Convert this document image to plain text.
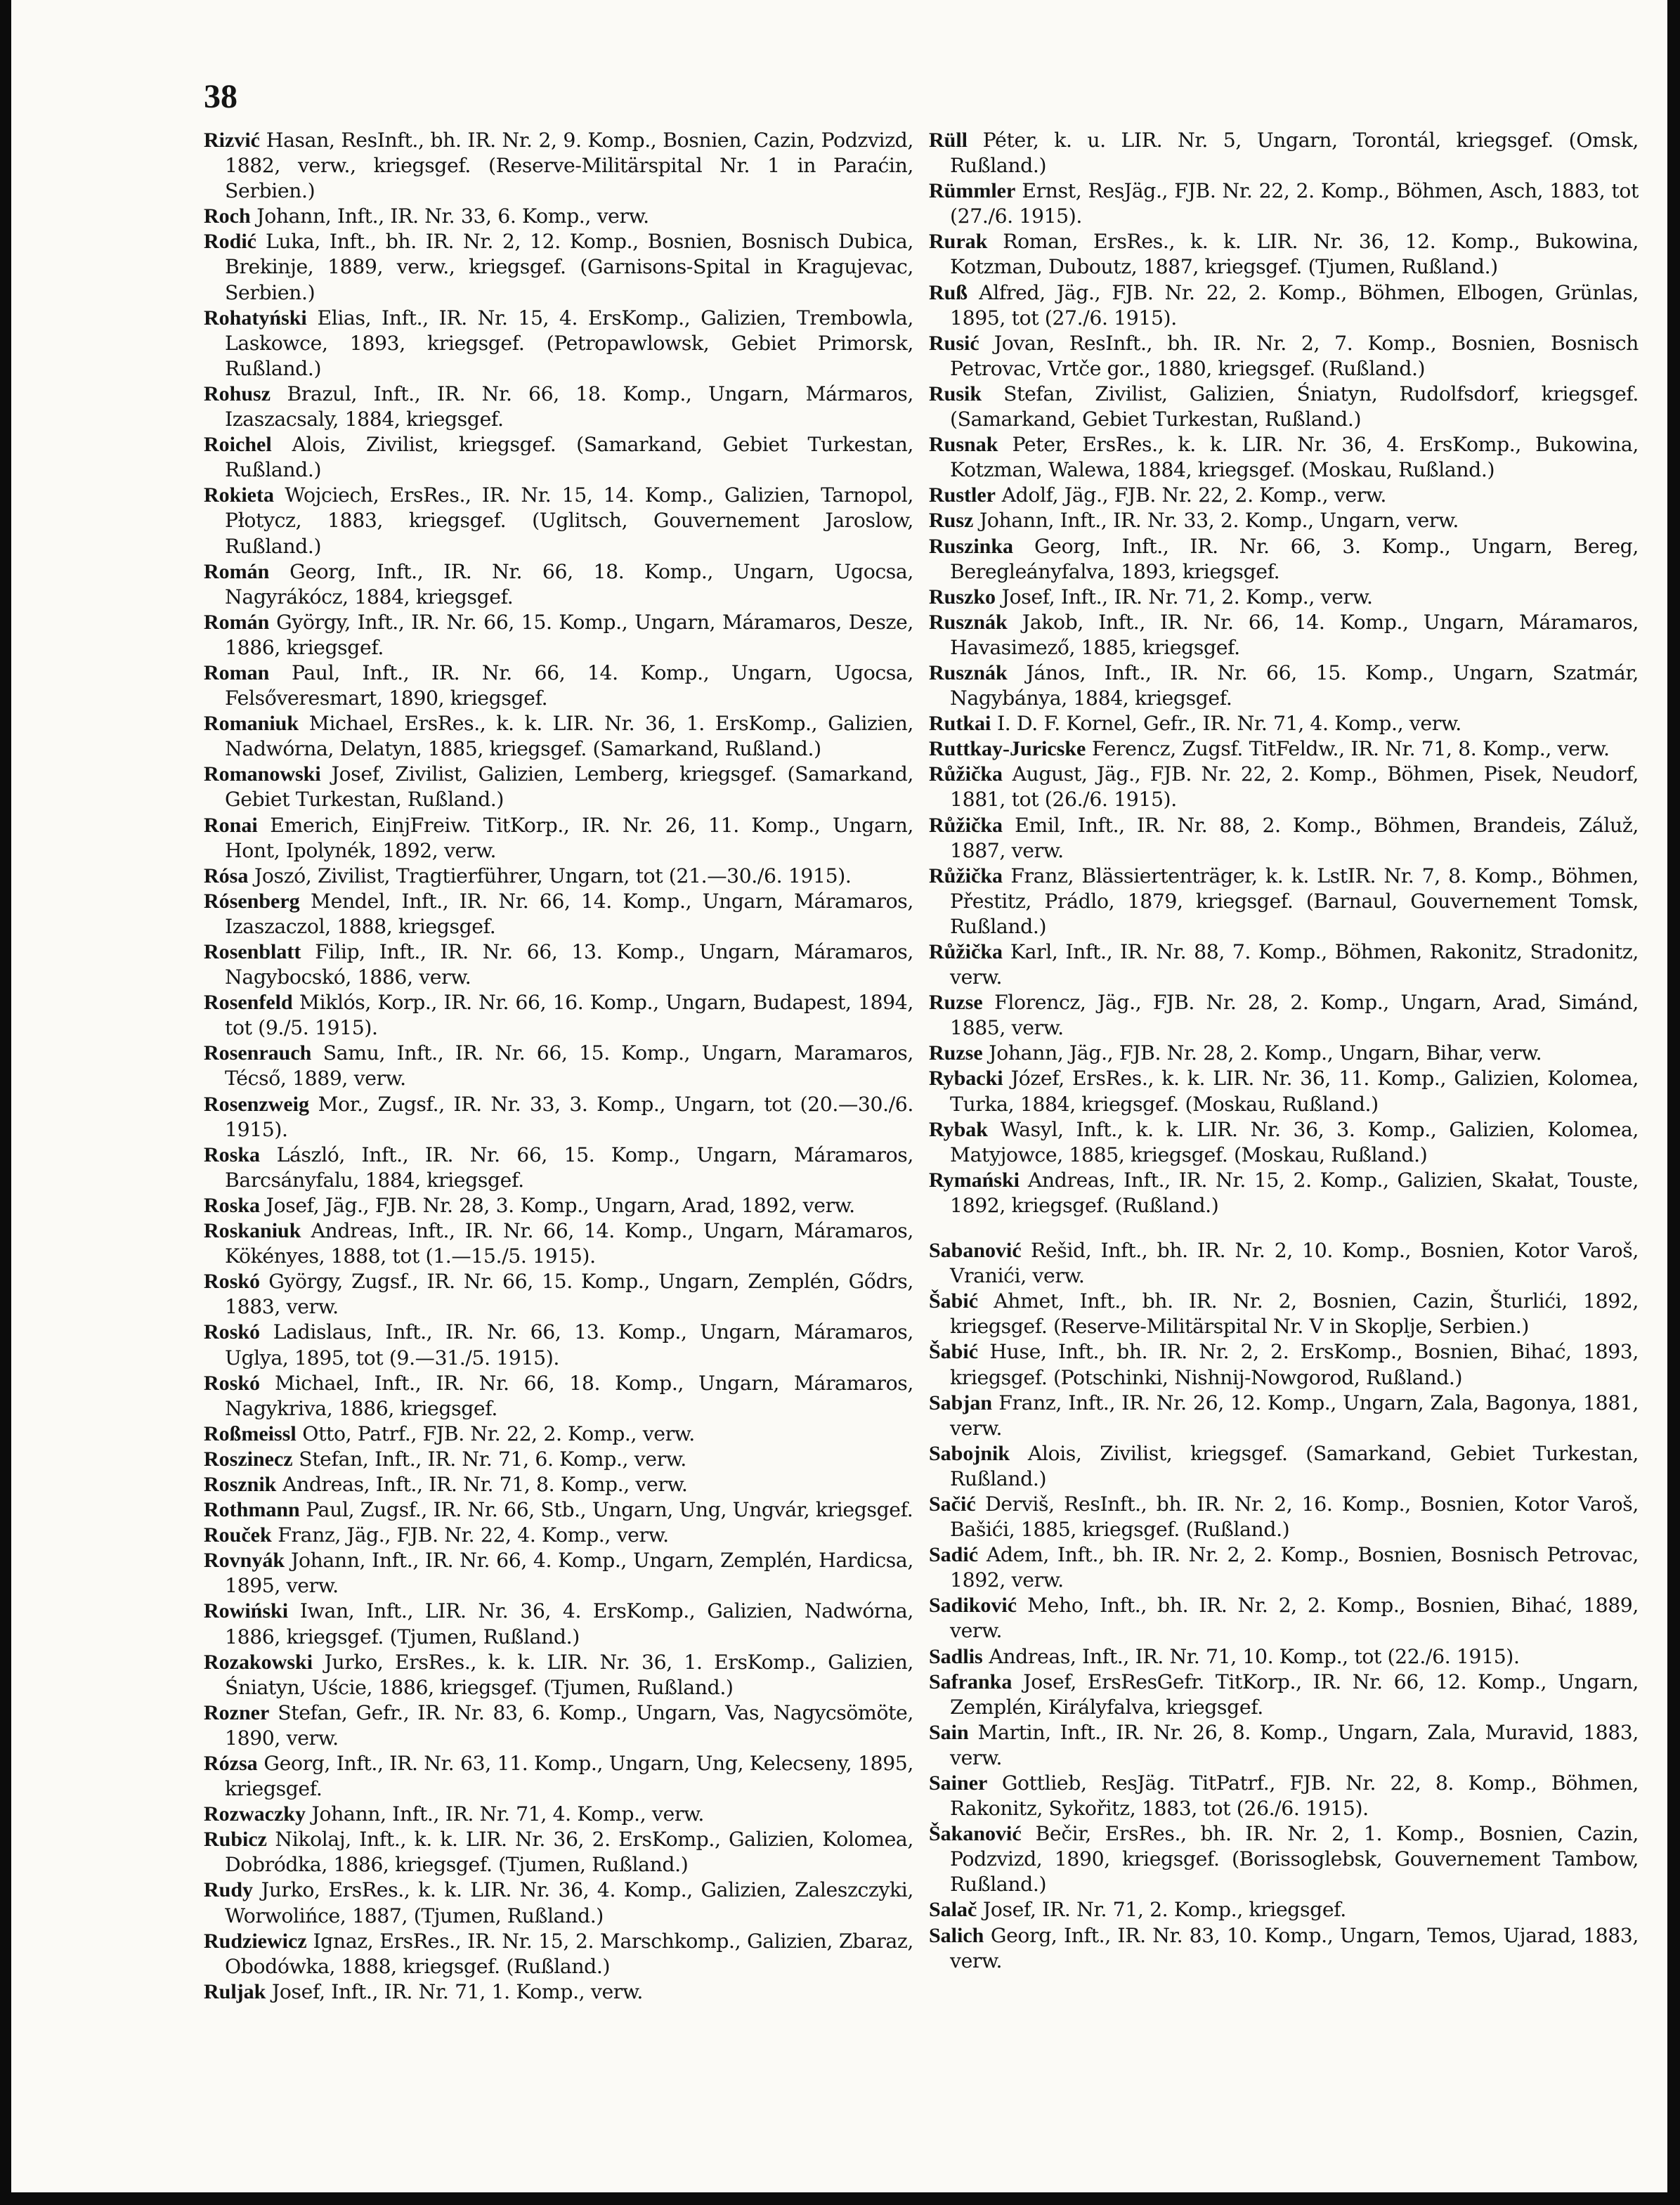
38

Rizvić Hasan, ResInft., bh. IR. Nr. 2, 9. Komp., Bosnien, Cazin, Podzvizd, 1882, verw., kriegsgef. (Reserve-Militärspital Nr. 1 in Paraćin, Serbien.)

Roch Johann, Inft., IR. Nr. 33, 6. Komp., verw.

Rodić Luka, Inft., bh. IR. Nr. 2, 12. Komp., Bosnien, Bosnisch Dubica, Brekinje, 1889, verw., kriegsgef. (Garnisons-Spital in Kragujevac, Serbien.)

Rohatyński Elias, Inft., IR. Nr. 15, 4. ErsKomp., Galizien, Trembowla, Laskowce, 1893, kriegsgef. (Petropawlowsk, Gebiet Primorsk, Rußland.)

Rohusz Brazul, Inft., IR. Nr. 66, 18. Komp., Ungarn, Mármaros, Izaszacsaly, 1884, kriegsgef.

Roichel Alois, Zivilist, kriegsgef. (Samarkand, Gebiet Turkestan, Rußland.)

Rokieta Wojciech, ErsRes., IR. Nr. 15, 14. Komp., Galizien, Tarnopol, Płotycz, 1883, kriegsgef. (Uglitsch, Gouvernement Jaroslow, Rußland.)

Román Georg, Inft., IR. Nr. 66, 18. Komp., Ungarn, Ugocsa, Nagyrákócz, 1884, kriegsgef.

Román György, Inft., IR. Nr. 66, 15. Komp., Ungarn, Máramaros, Desze, 1886, kriegsgef.

Roman Paul, Inft., IR. Nr. 66, 14. Komp., Ungarn, Ugocsa, Felsőveresmart, 1890, kriegsgef.

Romaniuk Michael, ErsRes., k. k. LIR. Nr. 36, 1. ErsKomp., Galizien, Nadwórna, Delatyn, 1885, kriegsgef. (Samarkand, Rußland.)

Romanowski Josef, Zivilist, Galizien, Lemberg, kriegsgef. (Samarkand, Gebiet Turkestan, Rußland.)

Ronai Emerich, EinjFreiw. TitKorp., IR. Nr. 26, 11. Komp., Ungarn, Hont, Ipolynék, 1892, verw.

Rósa Joszó, Zivilist, Tragtierführer, Ungarn, tot (21.—30./6. 1915).

Rósenberg Mendel, Inft., IR. Nr. 66, 14. Komp., Ungarn, Máramaros, Izaszaczol, 1888, kriegsgef.

Rosenblatt Filip, Inft., IR. Nr. 66, 13. Komp., Ungarn, Máramaros, Nagybocskó, 1886, verw.

Rosenfeld Miklós, Korp., IR. Nr. 66, 16. Komp., Ungarn, Budapest, 1894, tot (9./5. 1915).

Rosenrauch Samu, Inft., IR. Nr. 66, 15. Komp., Ungarn, Maramaros, Técső, 1889, verw.

Rosenzweig Mor., Zugsf., IR. Nr. 33, 3. Komp., Ungarn, tot (20.—30./6. 1915).

Roska László, Inft., IR. Nr. 66, 15. Komp., Ungarn, Máramaros, Barcsányfalu, 1884, kriegsgef.

Roska Josef, Jäg., FJB. Nr. 28, 3. Komp., Ungarn, Arad, 1892, verw.

Roskaniuk Andreas, Inft., IR. Nr. 66, 14. Komp., Ungarn, Máramaros, Kökényes, 1888, tot (1.—15./5. 1915).

Roskó György, Zugsf., IR. Nr. 66, 15. Komp., Ungarn, Zemplén, Gődrs, 1883, verw.

Roskó Ladislaus, Inft., IR. Nr. 66, 13. Komp., Ungarn, Máramaros, Uglya, 1895, tot (9.—31./5. 1915).

Roskó Michael, Inft., IR. Nr. 66, 18. Komp., Ungarn, Máramaros, Nagykriva, 1886, kriegsgef.

Roßmeissl Otto, Patrf., FJB. Nr. 22, 2. Komp., verw.

Roszinecz Stefan, Inft., IR. Nr. 71, 6. Komp., verw.

Rosznik Andreas, Inft., IR. Nr. 71, 8. Komp., verw.

Rothmann Paul, Zugsf., IR. Nr. 66, Stb., Ungarn, Ung, Ungvár, kriegsgef.

Rouček Franz, Jäg., FJB. Nr. 22, 4. Komp., verw.

Rovnyák Johann, Inft., IR. Nr. 66, 4. Komp., Ungarn, Zemplén, Hardicsa, 1895, verw.

Rowiński Iwan, Inft., LIR. Nr. 36, 4. ErsKomp., Galizien, Nadwórna, 1886, kriegsgef. (Tjumen, Rußland.)

Rozakowski Jurko, ErsRes., k. k. LIR. Nr. 36, 1. ErsKomp., Galizien, Śniatyn, Uście, 1886, kriegsgef. (Tjumen, Rußland.)

Rozner Stefan, Gefr., IR. Nr. 83, 6. Komp., Ungarn, Vas, Nagycsömöte, 1890, verw.

Rózsa Georg, Inft., IR. Nr. 63, 11. Komp., Ungarn, Ung, Kelecseny, 1895, kriegsgef.

Rozwaczky Johann, Inft., IR. Nr. 71, 4. Komp., verw.

Rubicz Nikolaj, Inft., k. k. LIR. Nr. 36, 2. ErsKomp., Galizien, Kolomea, Dobródka, 1886, kriegsgef. (Tjumen, Rußland.)

Rudy Jurko, ErsRes., k. k. LIR. Nr. 36, 4. Komp., Galizien, Zaleszczyki, Worwolińce, 1887, (Tjumen, Rußland.)

Rudziewicz Ignaz, ErsRes., IR. Nr. 15, 2. Marschkomp., Galizien, Zbaraz, Obodówka, 1888, kriegsgef. (Rußland.)

Ruljak Josef, Inft., IR. Nr. 71, 1. Komp., verw.

Rüll Péter, k. u. LIR. Nr. 5, Ungarn, Torontál, kriegsgef. (Omsk, Rußland.)

Rümmler Ernst, ResJäg., FJB. Nr. 22, 2. Komp., Böhmen, Asch, 1883, tot (27./6. 1915).

Rurak Roman, ErsRes., k. k. LIR. Nr. 36, 12. Komp., Bukowina, Kotzman, Duboutz, 1887, kriegsgef. (Tjumen, Rußland.)

Ruß Alfred, Jäg., FJB. Nr. 22, 2. Komp., Böhmen, Elbogen, Grünlas, 1895, tot (27./6. 1915).

Rusić Jovan, ResInft., bh. IR. Nr. 2, 7. Komp., Bosnien, Bosnisch Petrovac, Vrtče gor., 1880, kriegsgef. (Rußland.)

Rusik Stefan, Zivilist, Galizien, Śniatyn, Rudolfsdorf, kriegsgef. (Samarkand, Gebiet Turkestan, Rußland.)

Rusnak Peter, ErsRes., k. k. LIR. Nr. 36, 4. ErsKomp., Bukowina, Kotzman, Walewa, 1884, kriegsgef. (Moskau, Rußland.)

Rustler Adolf, Jäg., FJB. Nr. 22, 2. Komp., verw.

Rusz Johann, Inft., IR. Nr. 33, 2. Komp., Ungarn, verw.

Ruszinka Georg, Inft., IR. Nr. 66, 3. Komp., Ungarn, Bereg, Beregleányfalva, 1893, kriegsgef.

Ruszko Josef, Inft., IR. Nr. 71, 2. Komp., verw.

Rusznák Jakob, Inft., IR. Nr. 66, 14. Komp., Ungarn, Máramaros, Havasimező, 1885, kriegsgef.

Rusznák János, Inft., IR. Nr. 66, 15. Komp., Ungarn, Szatmár, Nagybánya, 1884, kriegsgef.

Rutkai I. D. F. Kornel, Gefr., IR. Nr. 71, 4. Komp., verw.

Ruttkay-Juricske Ferencz, Zugsf. TitFeldw., IR. Nr. 71, 8. Komp., verw.

Růžička August, Jäg., FJB. Nr. 22, 2. Komp., Böhmen, Pisek, Neudorf, 1881, tot (26./6. 1915).

Růžička Emil, Inft., IR. Nr. 88, 2. Komp., Böhmen, Brandeis, Záluž, 1887, verw.

Růžička Franz, Blässiertenträger, k. k. LstIR. Nr. 7, 8. Komp., Böhmen, Přestitz, Prádlo, 1879, kriegsgef. (Barnaul, Gouvernement Tomsk, Rußland.)

Růžička Karl, Inft., IR. Nr. 88, 7. Komp., Böhmen, Rakonitz, Stradonitz, verw.

Ruzse Florencz, Jäg., FJB. Nr. 28, 2. Komp., Ungarn, Arad, Simánd, 1885, verw.

Ruzse Johann, Jäg., FJB. Nr. 28, 2. Komp., Ungarn, Bihar, verw.

Rybacki Józef, ErsRes., k. k. LIR. Nr. 36, 11. Komp., Galizien, Kolomea, Turka, 1884, kriegsgef. (Moskau, Rußland.)

Rybak Wasyl, Inft., k. k. LIR. Nr. 36, 3. Komp., Galizien, Kolomea, Matyjowce, 1885, kriegsgef. (Moskau, Rußland.)

Rymański Andreas, Inft., IR. Nr. 15, 2. Komp., Galizien, Skałat, Touste, 1892, kriegsgef. (Rußland.)

Sabanović Rešid, Inft., bh. IR. Nr. 2, 10. Komp., Bosnien, Kotor Varoš, Vranići, verw.

Šabić Ahmet, Inft., bh. IR. Nr. 2, Bosnien, Cazin, Šturlići, 1892, kriegsgef. (Reserve-Militärspital Nr. V in Skoplje, Serbien.)

Šabić Huse, Inft., bh. IR. Nr. 2, 2. ErsKomp., Bosnien, Bihać, 1893, kriegsgef. (Potschinki, Nishnij-Nowgorod, Rußland.)

Sabjan Franz, Inft., IR. Nr. 26, 12. Komp., Ungarn, Zala, Bagonya, 1881, verw.

Sabojnik Alois, Zivilist, kriegsgef. (Samarkand, Gebiet Turkestan, Rußland.)

Sačić Derviš, ResInft., bh. IR. Nr. 2, 16. Komp., Bosnien, Kotor Varoš, Bašići, 1885, kriegsgef. (Rußland.)

Sadić Adem, Inft., bh. IR. Nr. 2, 2. Komp., Bosnien, Bosnisch Petrovac, 1892, verw.

Sadiković Meho, Inft., bh. IR. Nr. 2, 2. Komp., Bosnien, Bihać, 1889, verw.

Sadlis Andreas, Inft., IR. Nr. 71, 10. Komp., tot (22./6. 1915).

Safranka Josef, ErsResGefr. TitKorp., IR. Nr. 66, 12. Komp., Ungarn, Zemplén, Királyfalva, kriegsgef.

Sain Martin, Inft., IR. Nr. 26, 8. Komp., Ungarn, Zala, Muravid, 1883, verw.

Sainer Gottlieb, ResJäg. TitPatrf., FJB. Nr. 22, 8. Komp., Böhmen, Rakonitz, Sykořitz, 1883, tot (26./6. 1915).

Šakanović Bečir, ErsRes., bh. IR. Nr. 2, 1. Komp., Bosnien, Cazin, Podzvizd, 1890, kriegsgef. (Borissoglebsk, Gouvernement Tambow, Rußland.)

Salač Josef, IR. Nr. 71, 2. Komp., kriegsgef.

Salich Georg, Inft., IR. Nr. 83, 10. Komp., Ungarn, Temos, Ujarad, 1883, verw.
